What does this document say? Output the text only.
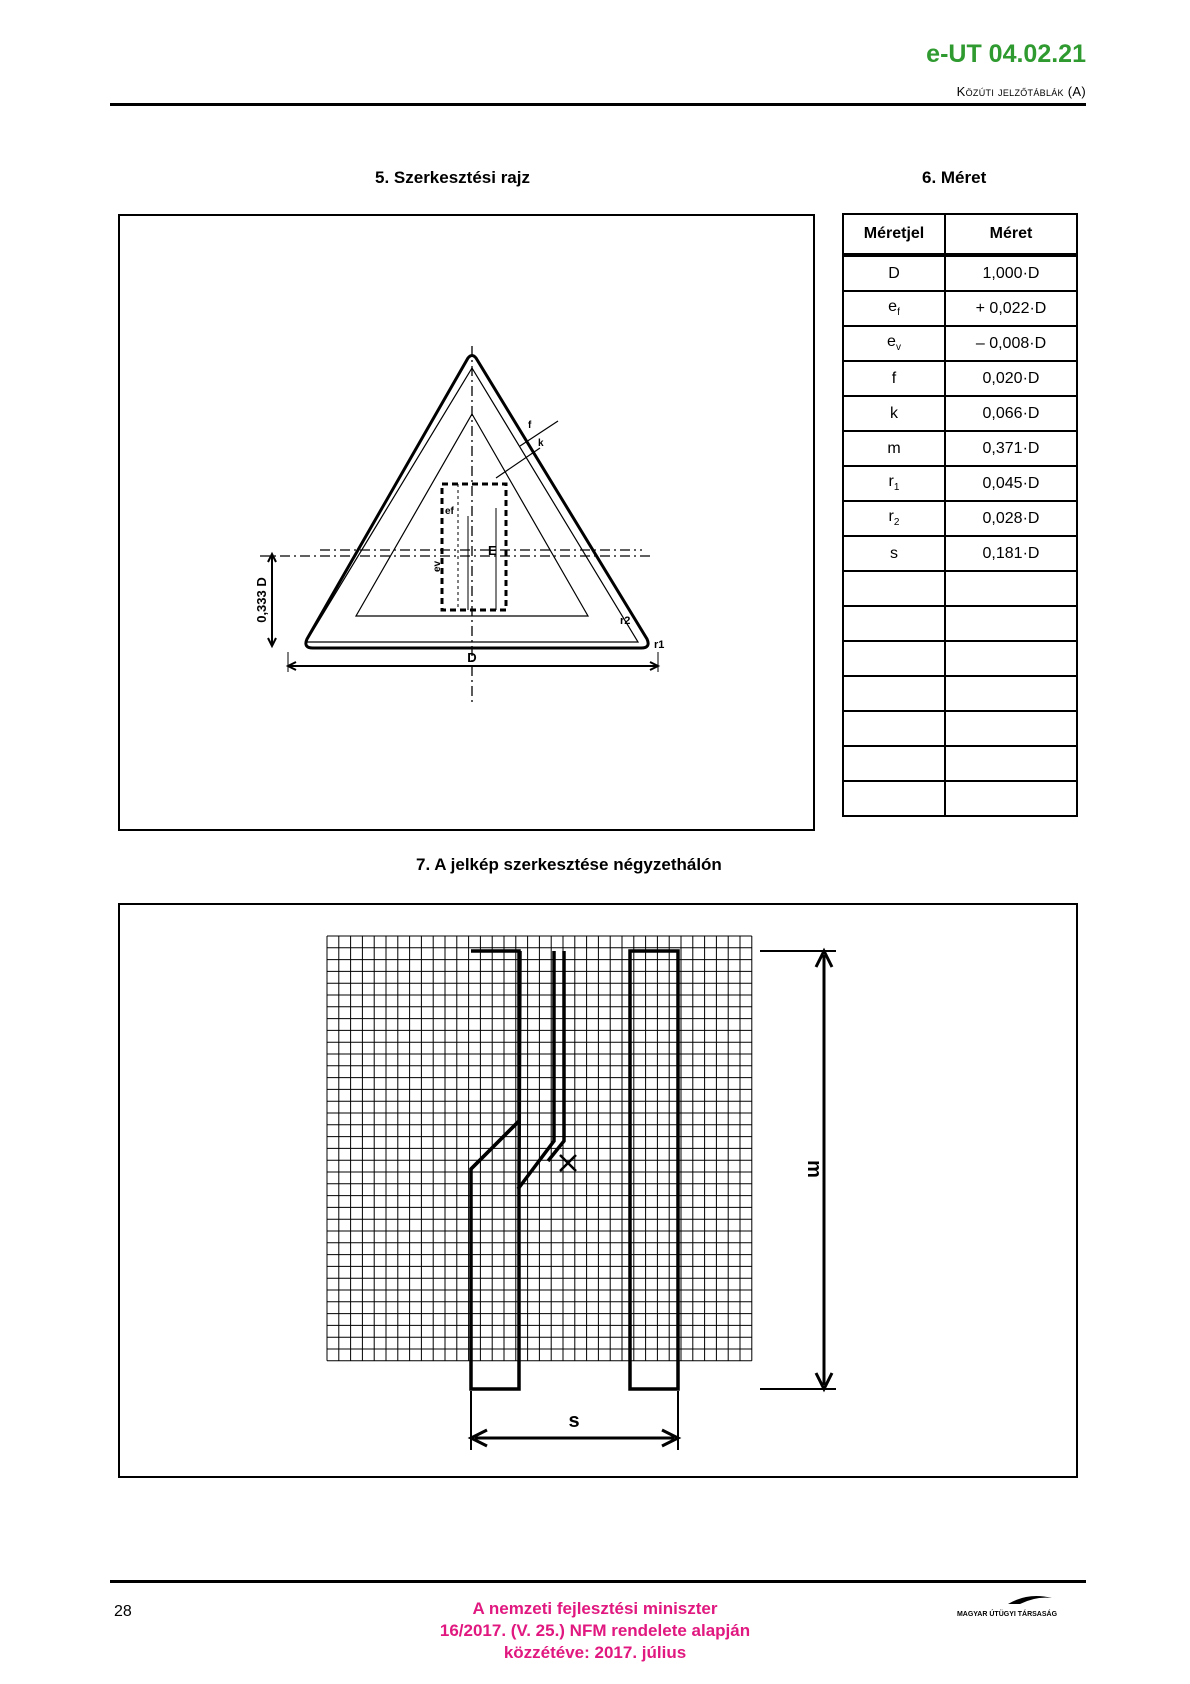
e-UT 04.02.21
Közúti jelzőtáblák (A)
5. Szerkesztési rajz	6. Méret
E
ef
ev
f
k
0,333 D
D
r2
r1
Méretjel	Méret
D	1,000·D
$e_f$	+ 0,022·D
$e_v$	– 0,008·D
f	0,020·D
k	0,066·D
m	0,371·D
$r_1$	0,045·D
$r_2$	0,028·D
s	0,181·D

7. A jelkép szerkesztése négyzethálón
m
s
28	A nemzeti fejlesztési miniszter
16/2017. (V. 25.) NFM rendelete alapján
közzétéve: 2017. július
MAGYAR ÚTÜGYI TÁRSASÁG
